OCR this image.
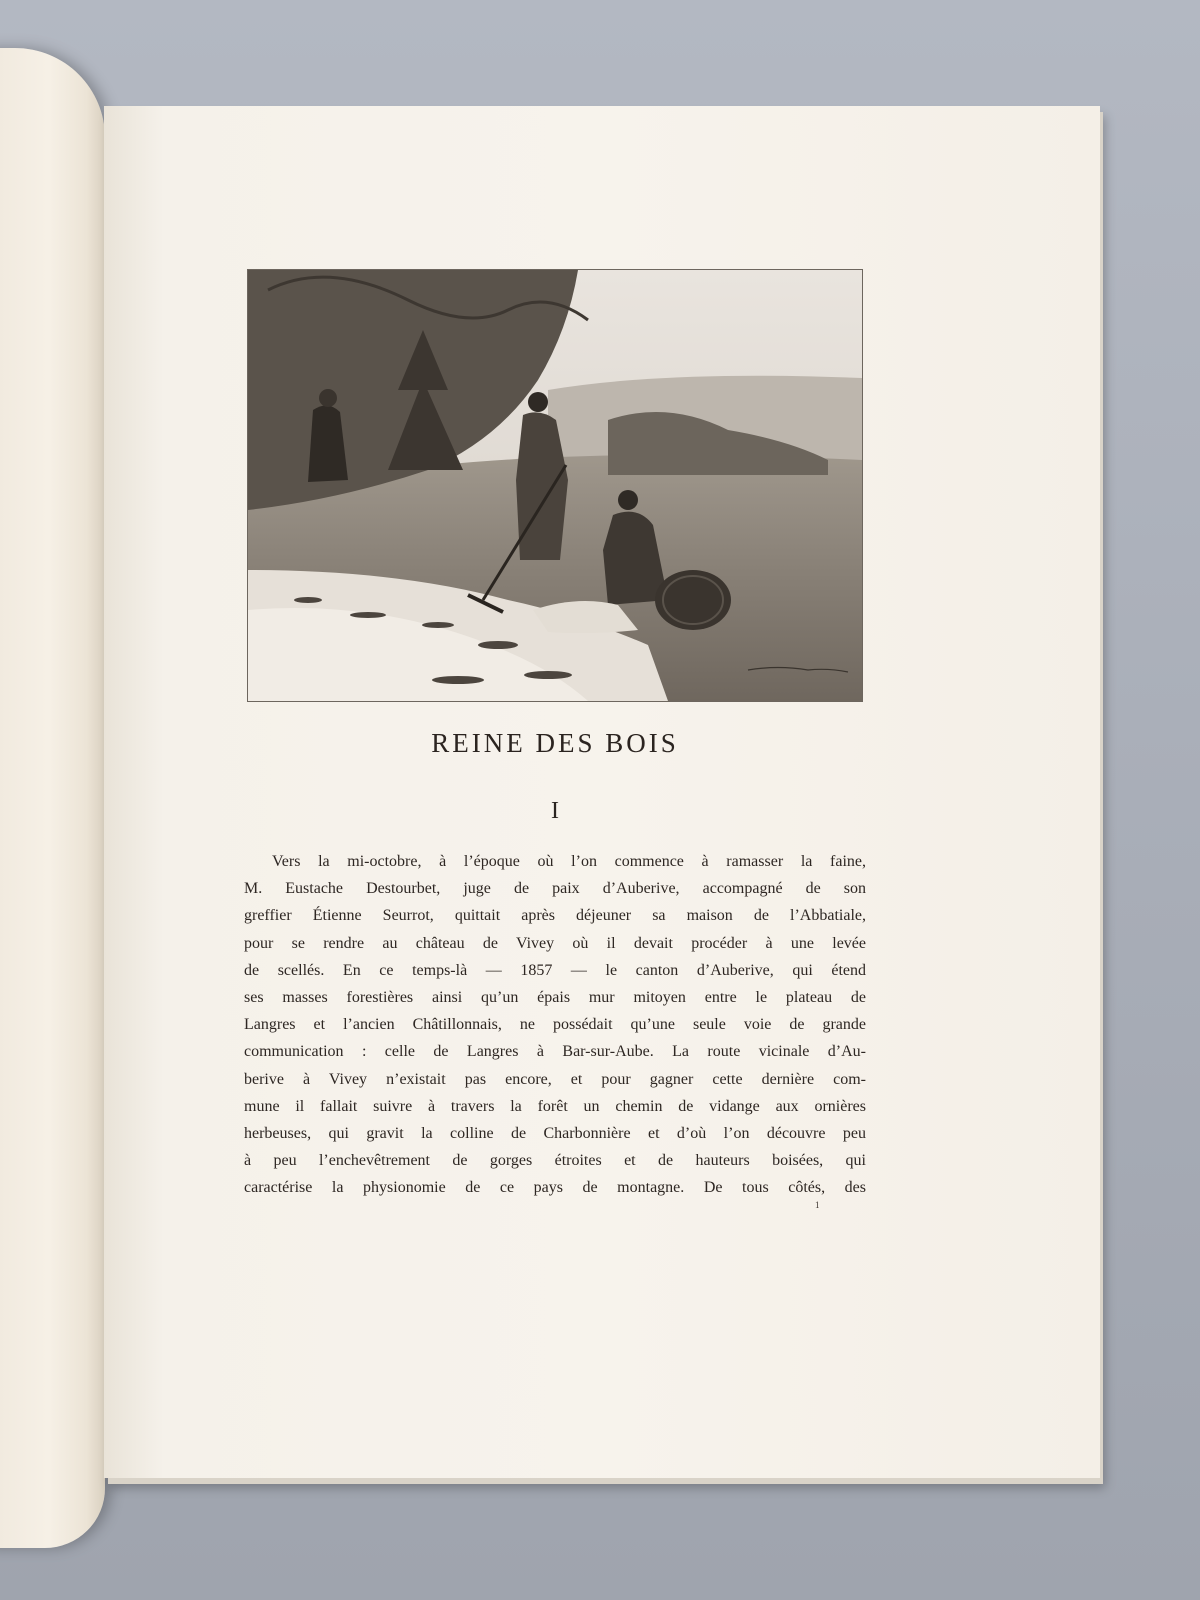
REINE DES BOIS
I
Vers la mi-octobre, à l’époque où l’on commence à ramasser la faine,
M. Eustache Destourbet, juge de paix d’Auberive, accompagné de son
greffier Étienne Seurrot, quittait après déjeuner sa maison de l’Abbatiale,
pour se rendre au château de Vivey où il devait procéder à une levée
de scellés. En ce temps-là — 1857 — le canton d’Auberive, qui étend
ses masses forestières ainsi qu’un épais mur mitoyen entre le plateau de
Langres et l’ancien Châtillonnais, ne possédait qu’une seule voie de grande
communication : celle de Langres à Bar-sur-Aube. La route vicinale d’Au-
berive à Vivey n’existait pas encore, et pour gagner cette dernière com-
mune il fallait suivre à travers la forêt un chemin de vidange aux ornières
herbeuses, qui gravit la colline de Charbonnière et d’où l’on découvre peu
à peu l’enchevêtrement de gorges étroites et de hauteurs boisées, qui
caractérise la physionomie de ce pays de montagne. De tous côtés, des
1
